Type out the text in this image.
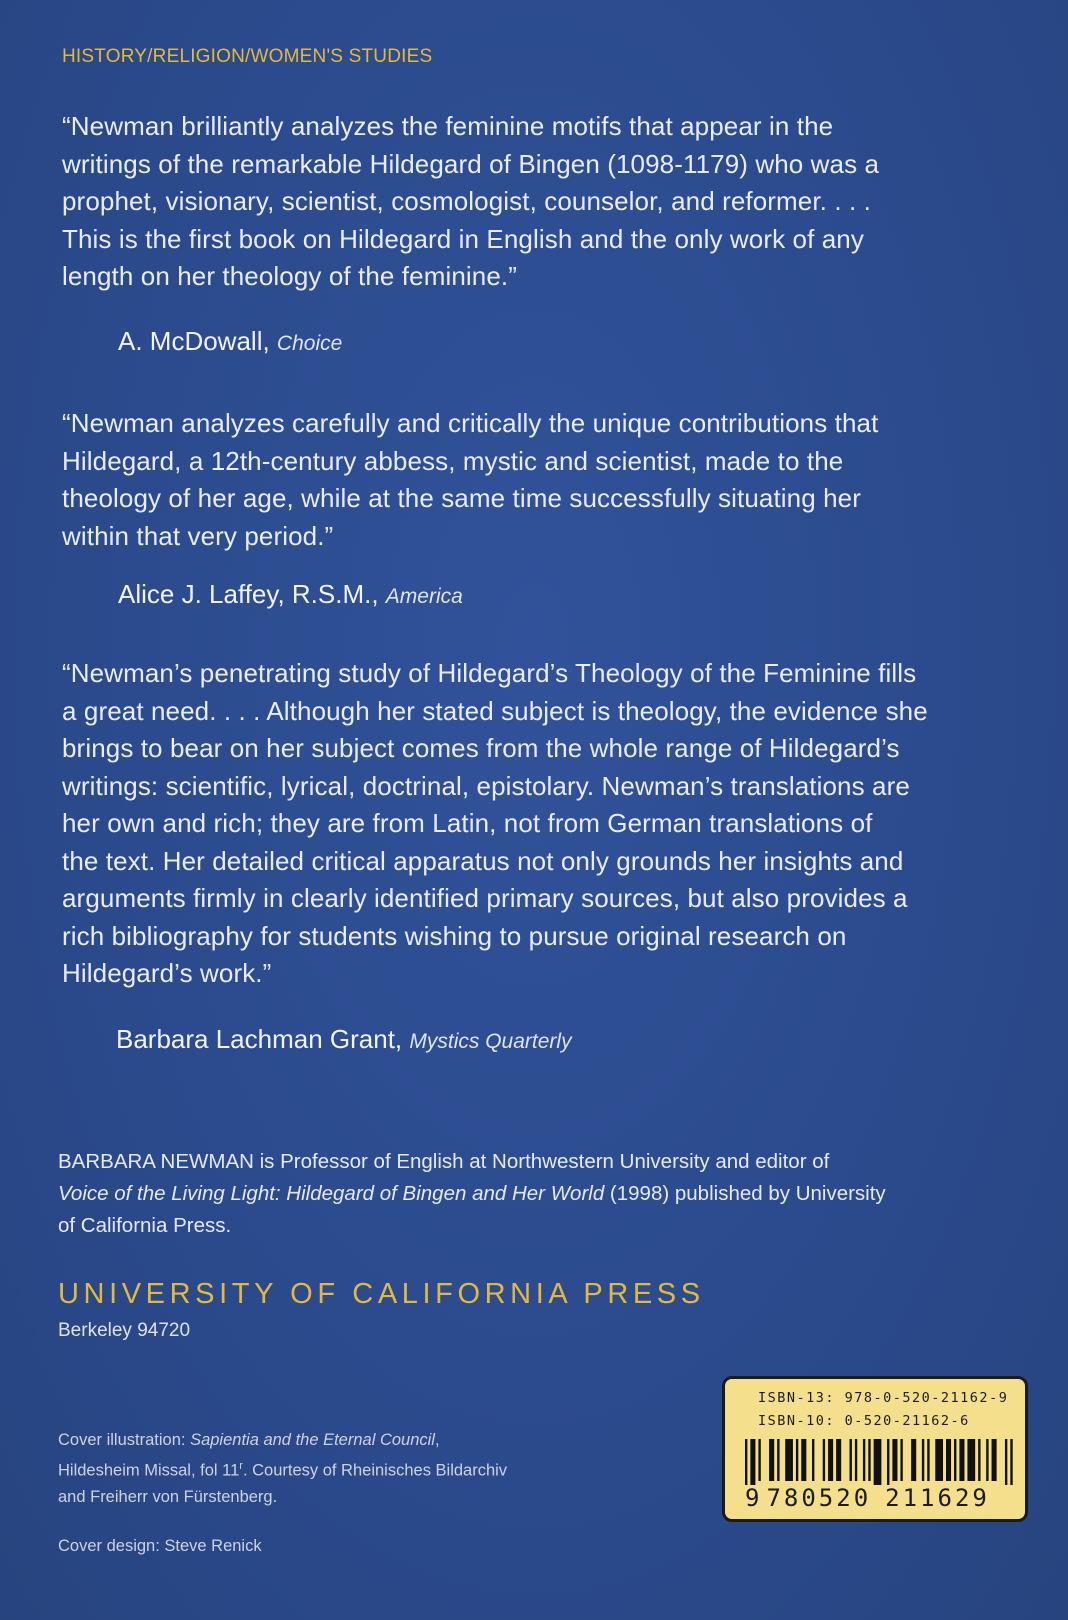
HISTORY/RELIGION/WOMEN'S STUDIES
“Newman brilliantly analyzes the feminine motifs that appear in the
writings of the remarkable Hildegard of Bingen (1098-1179) who was a
prophet, visionary, scientist, cosmologist, counselor, and reformer. . . .
This is the first book on Hildegard in English and the only work of any
length on her theology of the feminine.”
A. McDowall, Choice
“Newman analyzes carefully and critically the unique contributions that
Hildegard, a 12th-century abbess, mystic and scientist, made to the
theology of her age, while at the same time successfully situating her
within that very period.”
Alice J. Laffey, R.S.M., America
“Newman’s penetrating study of Hildegard’s Theology of the Feminine fills
a great need. . . . Although her stated subject is theology, the evidence she
brings to bear on her subject comes from the whole range of Hildegard’s
writings: scientific, lyrical, doctrinal, epistolary. Newman’s translations are
her own and rich; they are from Latin, not from German translations of
the text. Her detailed critical apparatus not only grounds her insights and
arguments firmly in clearly identified primary sources, but also provides a
rich bibliography for students wishing to pursue original research on
Hildegard’s work.”
Barbara Lachman Grant, Mystics Quarterly
BARBARA NEWMAN is Professor of English at Northwestern University and editor of
Voice of the Living Light: Hildegard of Bingen and Her World (1998) published by University
of California Press.
UNIVERSITY OF CALIFORNIA PRESS
Berkeley 94720
Cover illustration: Sapientia and the Eternal Council,
Hildesheim Missal, fol 11$^r$. Courtesy of Rheinisches Bildarchiv
and Freiherr von Fürstenberg.
Cover design: Steve Renick
ISBN-13: 978-0-520-21162-9
ISBN-10: 0-520-21162-6
9 780520 211629
